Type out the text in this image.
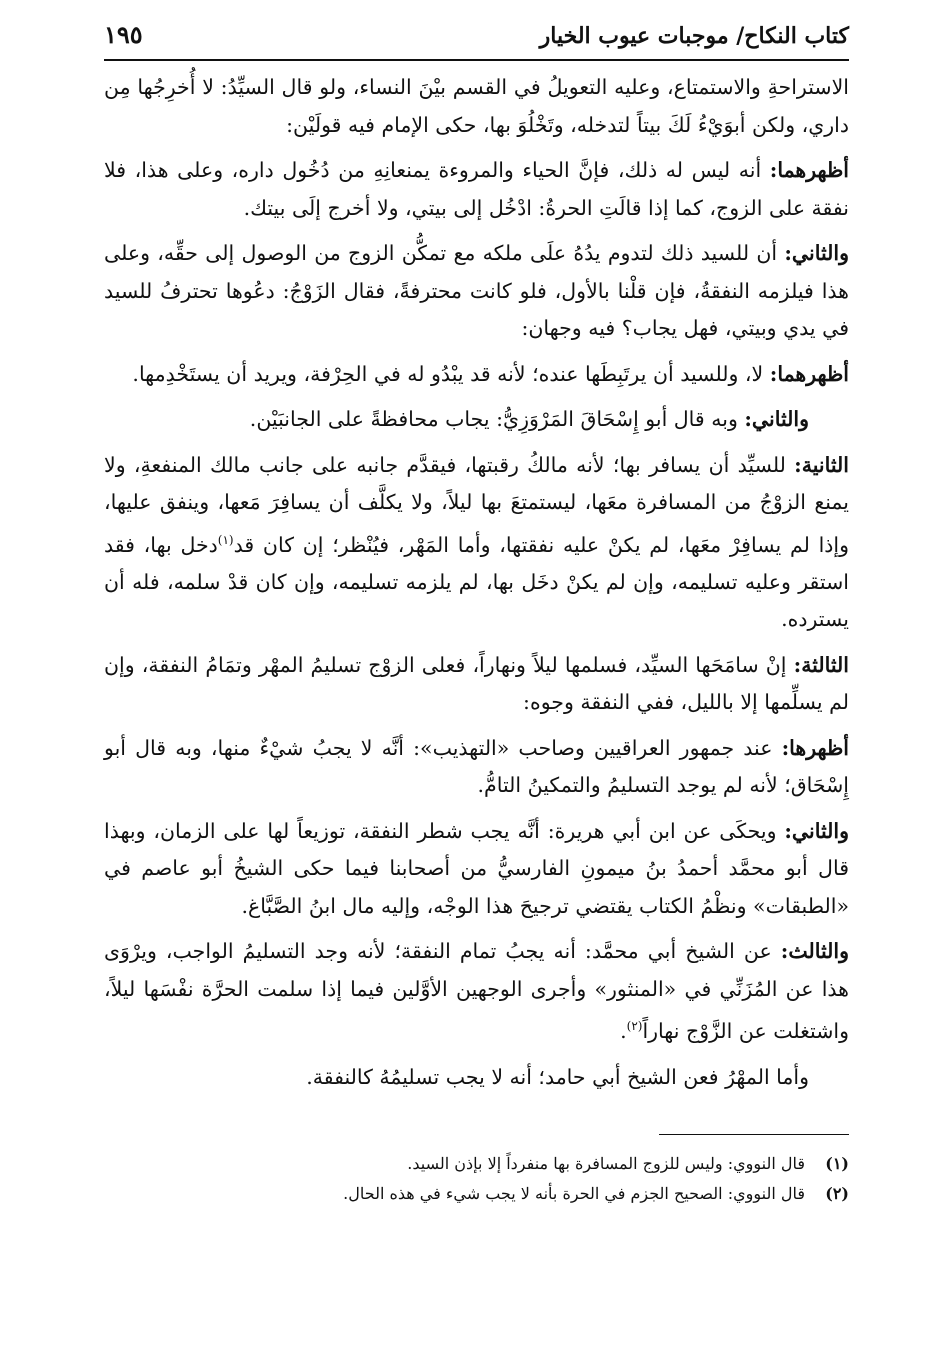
كتاب النكاح/ موجبات عيوب الخيار
١٩٥

الاستراحةِ والاستمتاع، وعليه التعويلُ في القسم بيْنَ النساء، ولو قال السيِّدُ: لا أُخرِجُها مِن داري، ولكن أبوَيْءُ لَكَ بيتاً لتدخله، وتَخْلُوَ بها، حكى الإمام فيه قولَيْن:

أظهرهما: أنه ليس له ذلك، فإنَّ الحياء والمروءة يمنعانِهِ من دُخُول داره، وعلى هذا، فلا نفقة على الزوج، كما إذا قالَتِ الحرةُ: ادْخُل إلى بيتي، ولا أخرج إلَى بيتك.

والثاني: أن للسيد ذلك لتدوم يدُهُ علَى ملكه مع تمكُّن الزوج من الوصول إلى حقِّه، وعلى هذا فيلزمه النفقةُ، فإن قلْنا بالأول، فلو كانت محترفةً، فقال الزَوْجُ: دعُوها تحترفُ للسيد في يدي وبيتي، فهل يجاب؟ فيه وجهان:

أظهرهما: لا، وللسيد أن يرتَبِطَها عنده؛ لأنه قد يبْدُو له في الحِرْفة، ويريد أن يستَخْدِمها.

والثاني: وبه قال أبو إِسْحَاقَ المَرْوَزِيُّ: يجاب محافظةً على الجانبَيْن.

الثانية: للسيِّد أن يسافر بها؛ لأنه مالكُ رقبتها، فيقدَّم جانبه على جانب مالك المنفعةِ، ولا يمنع الزوْجُ من المسافرة معَها، ليستمتعَ بها ليلاً، ولا يكلَّف أن يسافِرَ مَعها، وينفق عليها، وإذا لم يسافِرْ معَها، لم يكنْ عليه نفقتها، وأما المَهْر، فيُنْظر؛ إن كان قد$^{(١)}$دخل بها، فقد استقر وعليه تسليمه، وإن لم يكنْ دخَل بها، لم يلزمه تسليمه، وإن كان قدْ سلمه، فله أن يسترده.

الثالثة: إنْ سامَحَها السيِّد، فسلمها ليلاً ونهاراً، فعلى الزوْج تسليمُ المهْر وتمَامُ النفقة، وإن لم يسلِّمها إلا بالليل، ففي النفقة وجوه:

أظهرها: عند جمهور العراقيين وصاحب «التهذيب»: أنَّه لا يجبُ شيْءٌ منها، وبه قال أبو إِسْحَاق؛ لأنه لم يوجد التسليمُ والتمكينُ التامُّ.

والثاني: ويحكَى عن ابن أبي هريرة: أنَّه يجب شطر النفقة، توزيعاً لها على الزمان، وبهذا قال أبو محمَّد أحمدُ بنُ ميمونِ الفارسيُّ من أصحابنا فيما حكى الشيخُ أبو عاصم في «الطبقات» ونظْمُ الكتاب يقتضي ترجيحَ هذا الوجْه، وإليه مال ابنُ الصَّبَّاغ.

والثالث: عن الشيخ أبي محمَّد: أنه يجبُ تمام النفقة؛ لأنه وجد التسليمُ الواجب، ويرْوَى هذا عن المُزَنِّي في «المنثور» وأجرى الوجهين الأوَّلين فيما إذا سلمت الحرَّة نفْسَها ليلاً، واشتغلت عن الزَّوْج نهاراً$^{(٢)}$.

وأما المهْرُ فعن الشيخ أبي حامد؛ أنه لا يجب تسليمُهُ كالنفقة.

(١)
قال النووي: وليس للزوج المسافرة بها منفرداً إلا بإذن السيد.
(٢)
قال النووي: الصحيح الجزم في الحرة بأنه لا يجب شيء في هذه الحال.
